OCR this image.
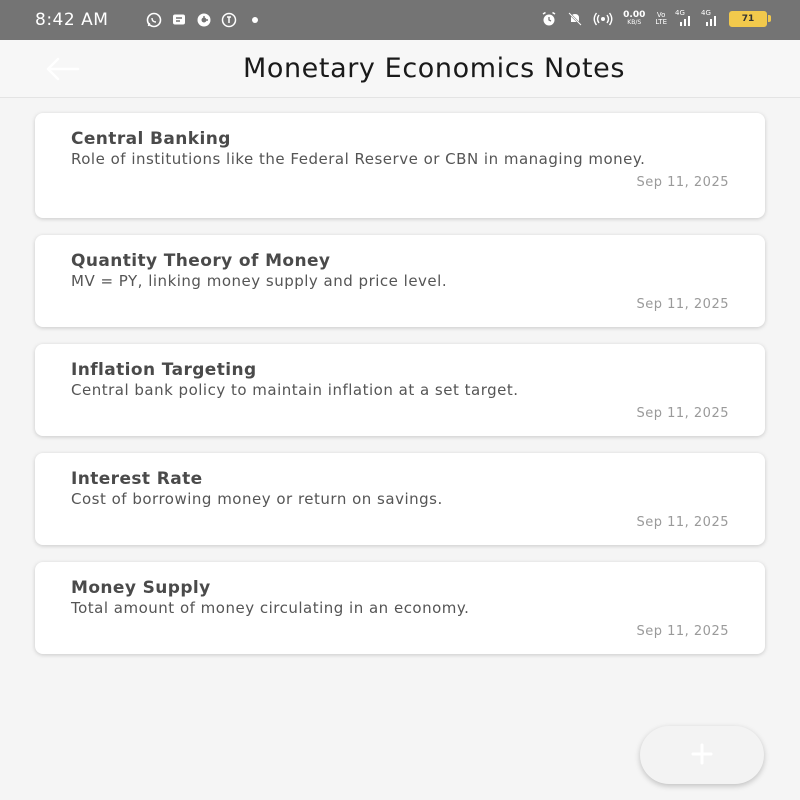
8:42 AM	0.00
KB/S
Vo
LTE
4G 4G
71
Monetary Economics Notes
Central Banking
Role of institutions like the Federal Reserve or CBN in managing money.
Sep 11, 2025
Quantity Theory of Money
MV = PY, linking money supply and price level.
Sep 11, 2025
Inflation Targeting
Central bank policy to maintain inflation at a set target.
Sep 11, 2025
Interest Rate
Cost of borrowing money or return on savings.
Sep 11, 2025
Money Supply
Total amount of money circulating in an economy.
Sep 11, 2025
